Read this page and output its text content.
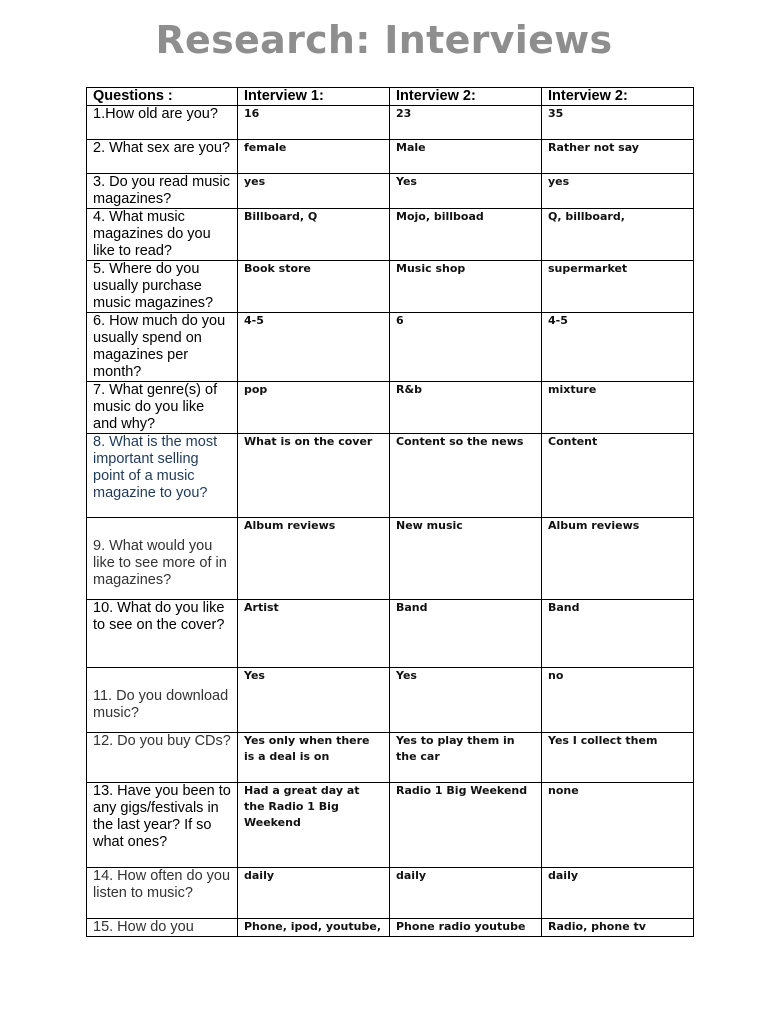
Research: Interviews
Questions :	Interview 1:	Interview 2:	Interview 2:
1.How old are you?	16	23	35
2. What sex are you?	female	Male	Rather not say
3. Do you read music magazines?	yes	Yes	yes
4. What music magazines do you like to read?	Billboard, Q	Mojo, billboad	Q, billboard,
5. Where do you usually purchase music magazines?	Book store	Music shop	supermarket
6. How much do you usually spend on magazines per month?	4-5	6	4-5
7. What genre(s) of music do you like and why?	pop	R&b	mixture
8. What is the most important selling point of a music magazine to you?	What is on the cover	Content so the news	Content
9. What would you like to see more of in magazines?	Album reviews	New music	Album reviews
10. What do you like to see on the cover?	Artist	Band	Band
11. Do you download music?	Yes	Yes	no
12. Do you buy CDs?	Yes only when there is a deal is on	Yes to play them in the car	Yes I collect them
13. Have you been to any gigs/festivals in the last year? If so what ones?	Had a great day at the Radio 1 Big Weekend	Radio 1 Big Weekend	none
14. How often do you listen to music?	daily	daily	daily
15. How do you	Phone, ipod, youtube,	Phone radio youtube	Radio, phone tv
